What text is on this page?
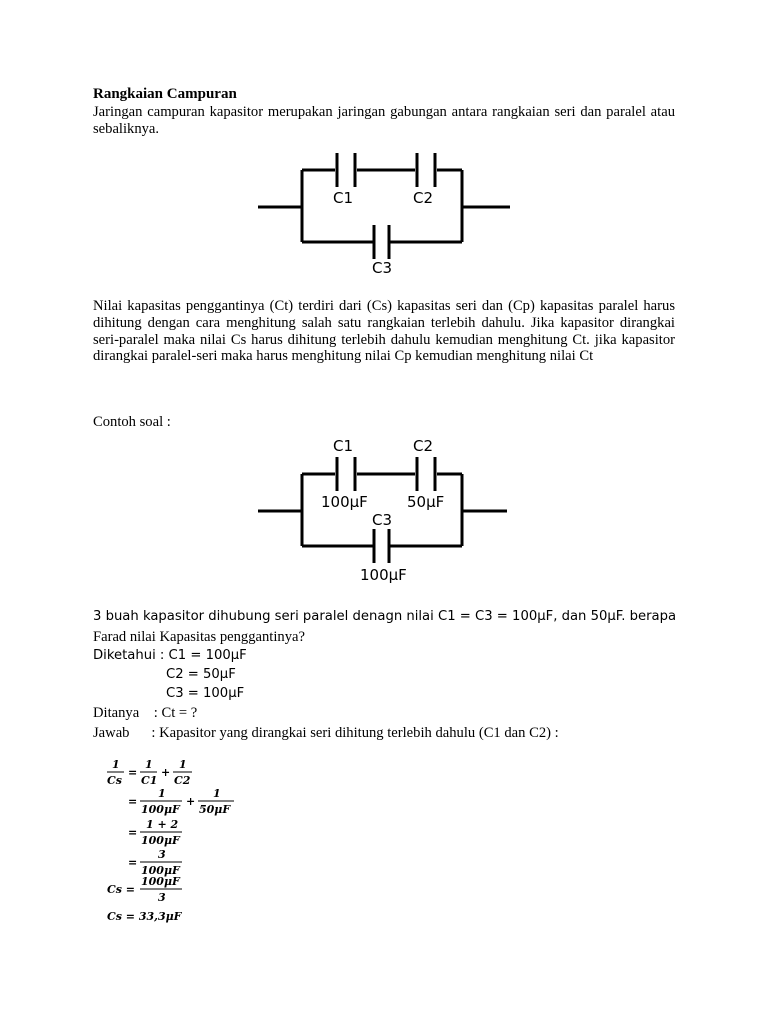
Rangkaian Campuran

Jaringan campuran kapasitor merupakan jaringan gabungan antara rangkaian seri dan paralel atau sebaliknya.

C1	C2
C3

Nilai kapasitas penggantinya (Ct) terdiri dari (Cs) kapasitas seri dan (Cp) kapasitas paralel harus dihitung dengan cara menghitung salah satu rangkaian terlebih dahulu. Jika kapasitor dirangkai seri-paralel maka nilai Cs harus dihitung terlebih dahulu kemudian menghitung Ct. jika kapasitor dirangkai paralel-seri maka harus menghitung nilai Cp kemudian menghitung nilai Ct

Contoh soal :
C1	C2
100μF	50μF
C3
100μF
3 buah kapasitor dihubung seri paralel denagn nilai C1 = C3 = 100μF, dan 50μF. berapa
Farad nilai Kapasitas penggantinya?
Diketahui : C1 = 100μF
C2 = 50μF
C3 = 100μF
Ditanya    : Ct = ?
Jawab      : Kapasitor yang dirangkai seri dihitung terlebih dahulu (C1 dan C2) :
1
Cs
=
1
C1
+
1
C2
=
1
100μF
+
1
50μF
=
1 + 2
100μF
=
3
100μF
Cs =
100μF
3
Cs = 33,3μF
